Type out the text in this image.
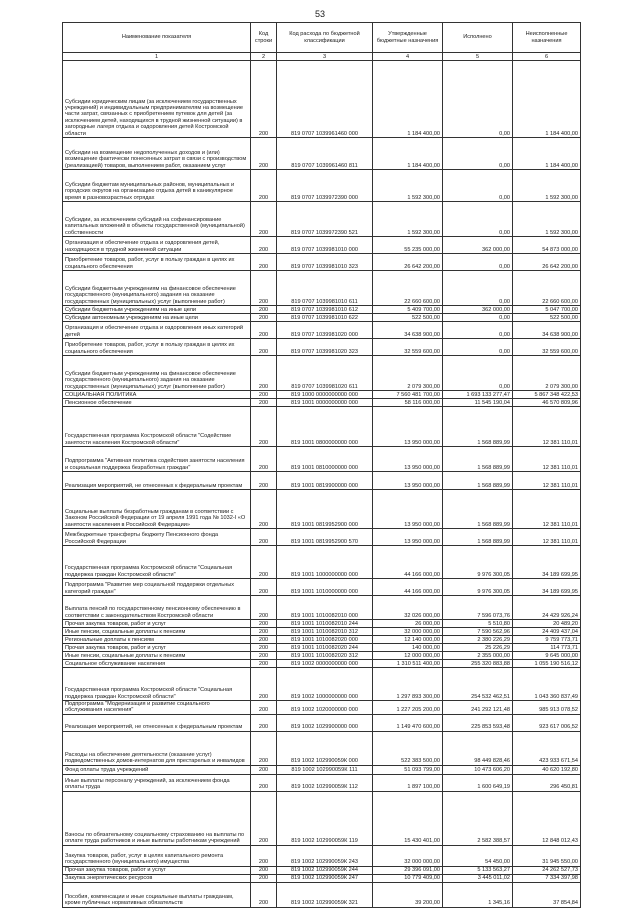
53
Наименование показателя	Код строки	Код расхода по бюджетной классификации	Утвержденные бюджетные назначения	Исполнено	Неисполненные назначения
1	2	3	4	5	6
Субсидии юридическим лицам (за исключением государственных учреждений) и индивидуальным предпринимателям на возмещение части затрат, связанных с приобретением путевок для детей (за исключением детей, находящихся в трудной жизненной ситуации) в загородные лагеря отдыха и оздоровления детей Костромской области	200	819 0707 1039961460 000	1 184 400,00	0,00	1 184 400,00
Субсидии на возмещение недополученных доходов и (или) возмещение фактически понесенных затрат в связи с производством (реализацией) товаров, выполнением работ, оказанием услуг	200	819 0707 1039961460 811	1 184 400,00	0,00	1 184 400,00
Субсидии бюджетам муниципальных районов, муниципальных и городских округов на организацию отдыха детей в каникулярное время в разновозрастных отрядах	200	819 0707 1039972390 000	1 592 300,00	0,00	1 592 300,00
Субсидии, за исключением субсидий на софинансирование капитальных вложений в объекты государственной (муниципальной) собственности	200	819 0707 1039972390 521	1 592 300,00	0,00	1 592 300,00
Организация и обеспечение отдыха и оздоровления детей, находящихся в трудной жизненной ситуации	200	819 0707 1039981010 000	55 235 000,00	362 000,00	54 873 000,00
Приобретение товаров, работ, услуг в пользу граждан в целях их социального обеспечения	200	819 0707 1039981010 323	26 642 200,00	0,00	26 642 200,00
Субсидии бюджетным учреждениям на финансовое обеспечение государственного (муниципального) задания на оказание государственных (муниципальных) услуг (выполнение работ)	200	819 0707 1039981010 611	22 660 600,00	0,00	22 660 600,00
Субсидии бюджетным учреждениям на иные цели	200	819 0707 1039981010 612	5 409 700,00	362 000,00	5 047 700,00
Субсидии автономным учреждениям на иные цели	200	819 0707 1039981010 622	522 500,00	0,00	522 500,00
Организация и обеспечение отдыха и оздоровления иных категорий детей	200	819 0707 1039981020 000	34 638 900,00	0,00	34 638 900,00
Приобретение товаров, работ, услуг в пользу граждан в целях их социального обеспечения	200	819 0707 1039981020 323	32 559 600,00	0,00	32 559 600,00
Субсидии бюджетным учреждениям на финансовое обеспечение государственного (муниципального) задания на оказание государственных (муниципальных) услуг (выполнение работ)	200	819 0707 1039981020 611	2 079 300,00	0,00	2 079 300,00
СОЦИАЛЬНАЯ ПОЛИТИКА	200	819 1000 0000000000 000	7 560 481 700,00	1 693 133 277,47	5 867 348 422,53
Пенсионное обеспечение	200	819 1001 0000000000 000	58 116 000,00	11 545 190,04	46 570 809,96
Государственная программа Костромской области "Содействие занятости населения Костромской области"	200	819 1001 0800000000 000	13 950 000,00	1 568 889,99	12 381 110,01
Подпрограмма "Активная политика содействия занятости населения и социальная поддержка безработных граждан"	200	819 1001 0810000000 000	13 950 000,00	1 568 889,99	12 381 110,01
Реализация мероприятий, не отнесенных к федеральным проектам	200	819 1001 0819900000 000	13 950 000,00	1 568 889,99	12 381 110,01
Социальные выплаты безработным гражданам в соответствии с Законом Российской Федерации от 19 апреля 1991 года № 1032-I «О занятости населения в Российской Федерации»	200	819 1001 0819952900 000	13 950 000,00	1 568 889,99	12 381 110,01
Межбюджетные трансферты бюджету Пенсионного фонда Российской Федерации	200	819 1001 0819952900 570	13 950 000,00	1 568 889,99	12 381 110,01
Государственная программа Костромской области "Социальная поддержка граждан Костромской области"	200	819 1001 1000000000 000	44 166 000,00	9 976 300,05	34 189 699,95
Подпрограмма "Развитие мер социальной поддержки отдельных категорий граждан"	200	819 1001 1010000000 000	44 166 000,00	9 976 300,05	34 189 699,95
Выплата пенсий по государственному пенсионному обеспечению в соответствии с законодательством Костромской области	200	819 1001 1010082010 000	32 026 000,00	7 596 073,76	24 429 926,24
Прочая закупка товаров, работ и услуг	200	819 1001 1010082010 244	26 000,00	5 510,80	20 489,20
Иные пенсии, социальные доплаты к пенсиям	200	819 1001 1010082010 312	32 000 000,00	7 590 562,96	24 409 437,04
Региональные доплаты к пенсиям	200	819 1001 1010082020 000	12 140 000,00	2 380 226,29	9 759 773,71
Прочая закупка товаров, работ и услуг	200	819 1001 1010082020 244	140 000,00	25 226,29	114 773,71
Иные пенсии, социальные доплаты к пенсиям	200	819 1001 1010082020 312	12 000 000,00	2 355 000,00	9 645 000,00
Социальное обслуживание населения	200	819 1002 0000000000 000	1 310 511 400,00	255 320 883,88	1 055 190 516,12
Государственная программа Костромской области "Социальная поддержка граждан Костромской области"	200	819 1002 1000000000 000	1 297 893 300,00	254 532 462,51	1 043 360 837,49
Подпрограмма "Модернизация и развитие социального обслуживания населения"	200	819 1002 1020000000 000	1 227 205 200,00	241 292 121,48	985 913 078,52
Реализация мероприятий, не отнесенных к федеральным проектам	200	819 1002 1029900000 000	1 149 470 600,00	225 853 593,48	923 617 006,52
Расходы на обеспечение деятельности (оказание услуг) подведомственных домов-интернатов для престарелых и инвалидов	200	819 1002 102990059К 000	522 383 500,00	98 449 828,46	423 933 671,54
Фонд оплаты труда учреждений	200	819 1002 102990059К 111	51 093 799,00	10 473 606,20	40 620 192,80
Иные выплаты персоналу учреждений, за исключением фонда оплаты труда	200	819 1002 102990059К 112	1 897 100,00	1 600 649,19	296 450,81
Взносы по обязательному социальному страхованию на выплаты по оплате труда работников и иные выплаты работникам учреждений	200	819 1002 102990059К 119	15 430 401,00	2 582 388,57	12 848 012,43
Закупка товаров, работ, услуг в целях капитального ремонта государственного (муниципального) имущества	200	819 1002 102990059К 243	32 000 000,00	54 450,00	31 945 550,00
Прочая закупка товаров, работ и услуг	200	819 1002 102990059К 244	29 396 091,00	5 133 563,27	24 262 527,73
Закупка энергетических ресурсов	200	819 1002 102990059К 247	10 779 409,00	3 445 011,02	7 334 397,98
Пособия, компенсации и иные социальные выплаты гражданам, кроме публичных нормативных обязательств	200	819 1002 102990059К 321	39 200,00	1 345,16	37 854,84
